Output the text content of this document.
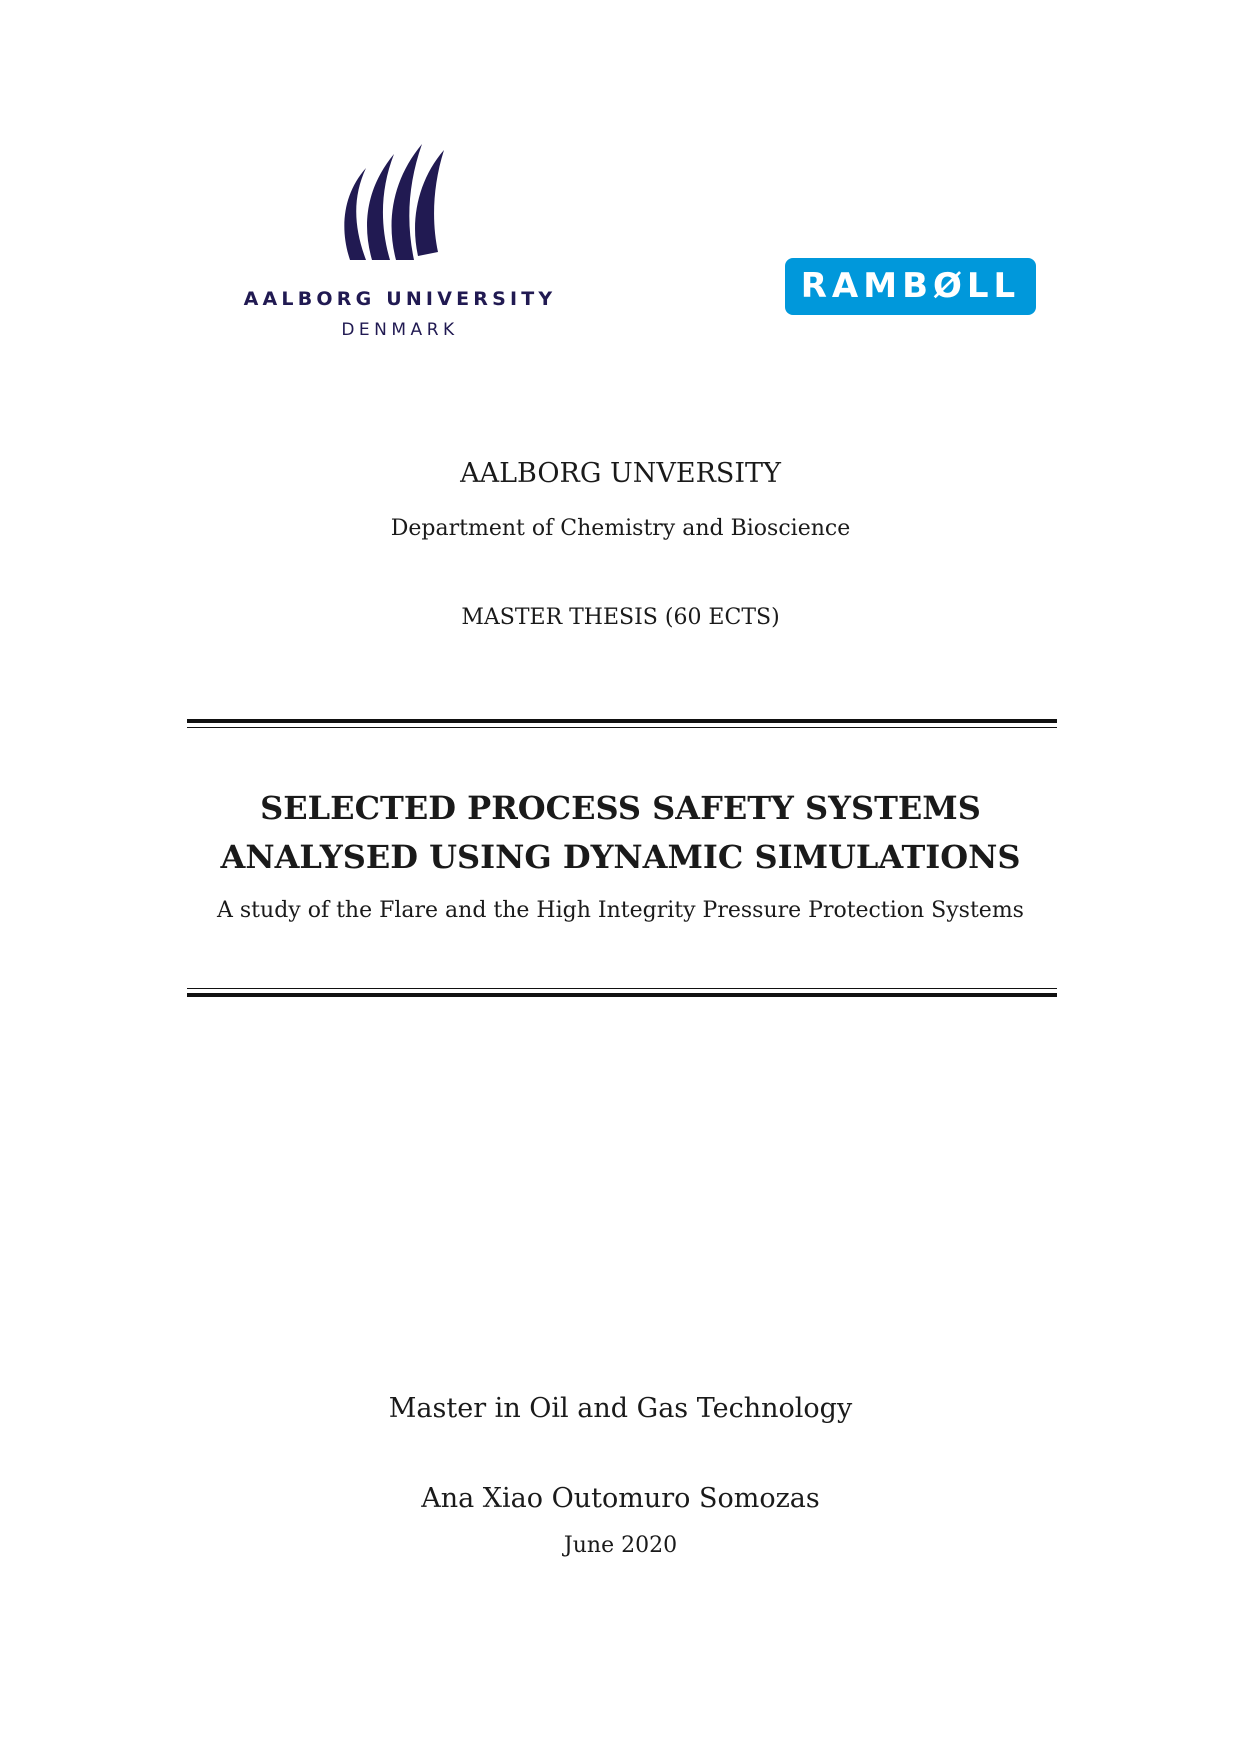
AALBORG UNIVERSITY
DENMARK
RAMBØLL
AALBORG UNVERSITY
Department of Chemistry and Bioscience
MASTER THESIS (60 ECTS)
SELECTED PROCESS SAFETY SYSTEMS
ANALYSED USING DYNAMIC SIMULATIONS
A study of the Flare and the High Integrity Pressure Protection Systems
Master in Oil and Gas Technology
Ana Xiao Outomuro Somozas
June 2020
